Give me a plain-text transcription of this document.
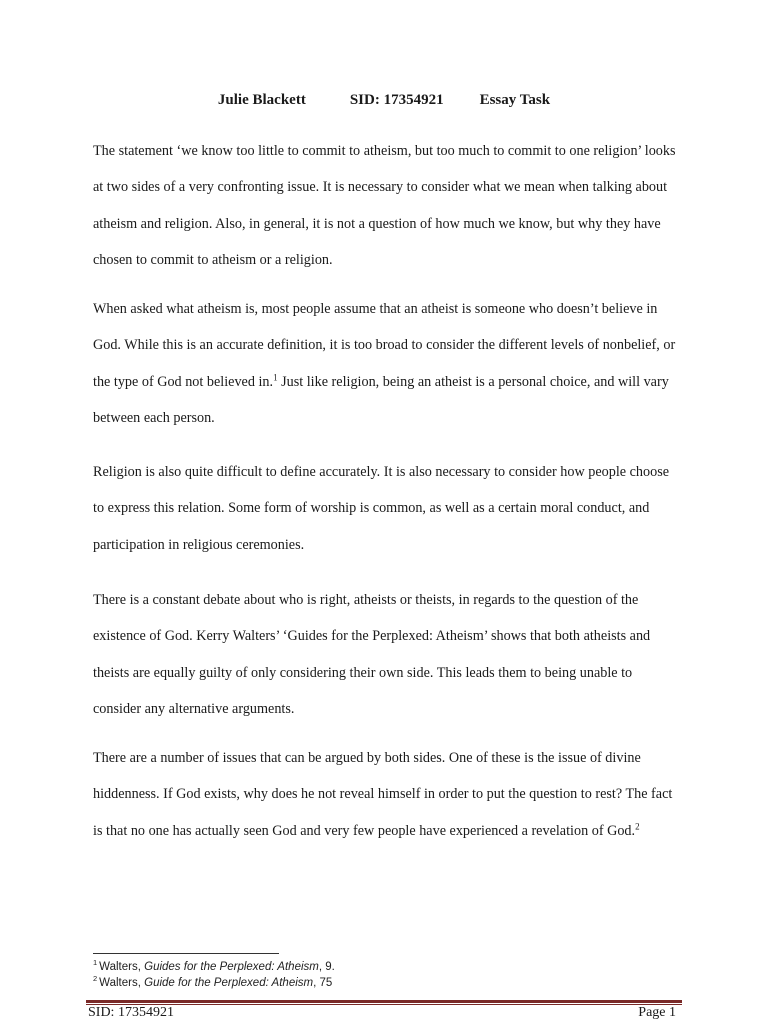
Julie Blackett	SID: 17354921 Essay Task

The statement ‘we know too little to commit to atheism, but too much to commit to one religion’ looks at two sides of a very confronting issue. It is necessary to consider what we mean when talking about atheism and religion. Also, in general, it is not a question of how much we know, but why they have chosen to commit to atheism or a religion.

When asked what atheism is, most people assume that an atheist is someone who doesn’t believe in God. While this is an accurate definition, it is too broad to consider the different levels of nonbelief, or the type of God not believed in.$^1$ Just like religion, being an atheist is a personal choice, and will vary between each person.

Religion is also quite difficult to define accurately. It is also necessary to consider how people choose to express this relation. Some form of worship is common, as well as a certain moral conduct, and participation in religious ceremonies.

There is a constant debate about who is right, atheists or theists, in regards to the question of the existence of God. Kerry Walters’ ‘Guides for the Perplexed: Atheism’ shows that both atheists and theists are equally guilty of only considering their own side. This leads them to being unable to consider any alternative arguments.

There are a number of issues that can be argued by both sides. One of these is the issue of divine hiddenness. If God exists, why does he not reveal himself in order to put the question to rest? The fact is that no one has actually seen God and very few people have experienced a revelation of God.$^2$

$^1$ Walters, Guides for the Perplexed: Atheism, 9.
$^2$ Walters, Guide for the Perplexed: Atheism, 75
SID: 17354921	Page 1
